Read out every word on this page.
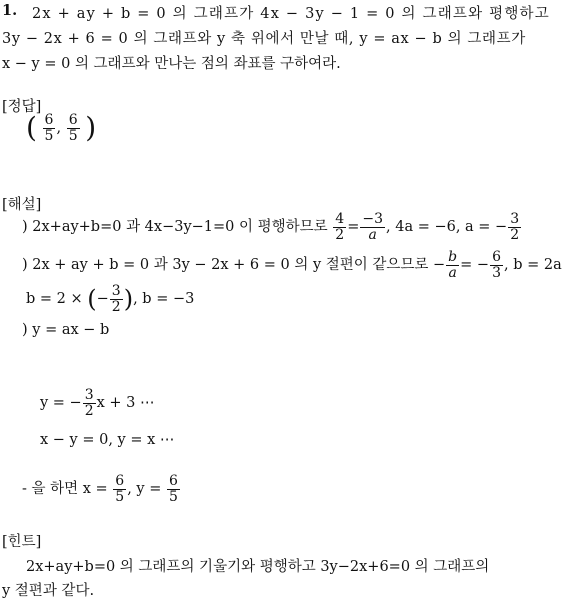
1. 2x + ay + b = 0 의 그래프가 4x − 3y − 1 = 0 의 그래프와 평행하고
3y − 2x + 6 = 0 의 그래프와 y 축 위에서 만날 때, y = ax − b 의 그래프가
x − y = 0 의 그래프와 만나는 점의 좌표를 구하여라.
[정답]
( $\frac{6}{5}$ , $\frac{6}{5}$ )
[해설]
) 2x+ay+b=0 과 4x−3y−1=0 이 평행하므로 $\frac{4}{2} = \frac{-3}{a}$ , 4a = −6, a = − $\frac{3}{2}$
) 2x + ay + b = 0 과 3y − 2x + 6 = 0 의 y 절편이 같으므로 − $\frac{b}{a}$ = − $\frac{6}{3}$ , b = 2a
b = 2 × (− $\frac{3}{2}$ ), b = −3
) y = ax − b
y = − $\frac{3}{2}$ x + 3 ⋯
x − y = 0, y = x ⋯
- 을 하면 $x = \frac{6}{5}$ , $y = \frac{6}{5}$
[힌트]
2x+ay+b=0 의 그래프의 기울기와 평행하고 3y−2x+6=0 의 그래프의
y 절편과 같다.
